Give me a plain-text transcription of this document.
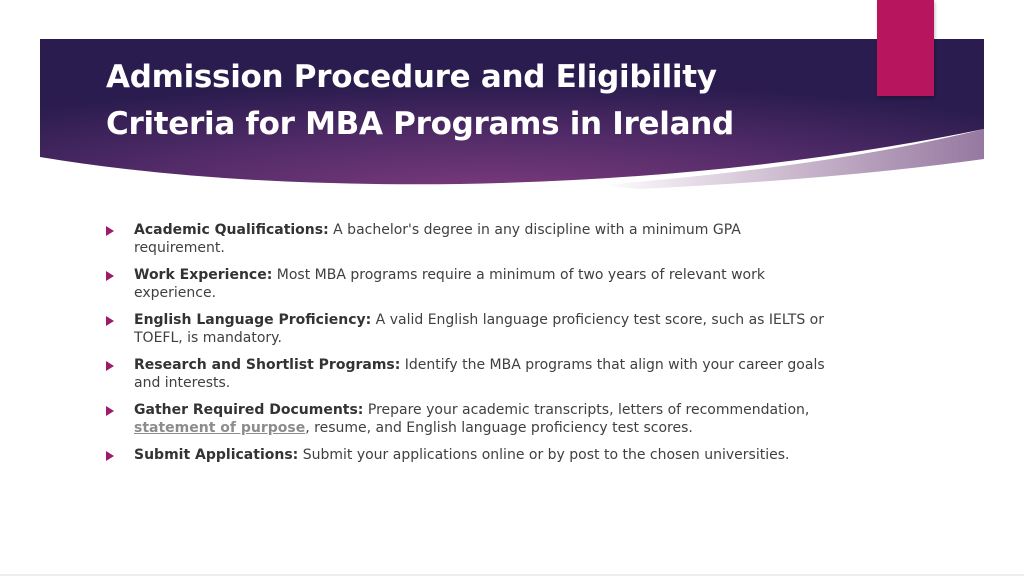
Admission Procedure and Eligibility Criteria for MBA Programs in Ireland
Academic Qualifications: A bachelor's degree in any discipline with a minimum GPA requirement.
Work Experience: Most MBA programs require a minimum of two years of relevant work experience.
English Language Proficiency: A valid English language proficiency test score, such as IELTS or TOEFL, is mandatory.
Research and Shortlist Programs: Identify the MBA programs that align with your career goals and interests.
Gather Required Documents: Prepare your academic transcripts, letters of recommendation, statement of purpose, resume, and English language proficiency test scores.
Submit Applications: Submit your applications online or by post to the chosen universities.
